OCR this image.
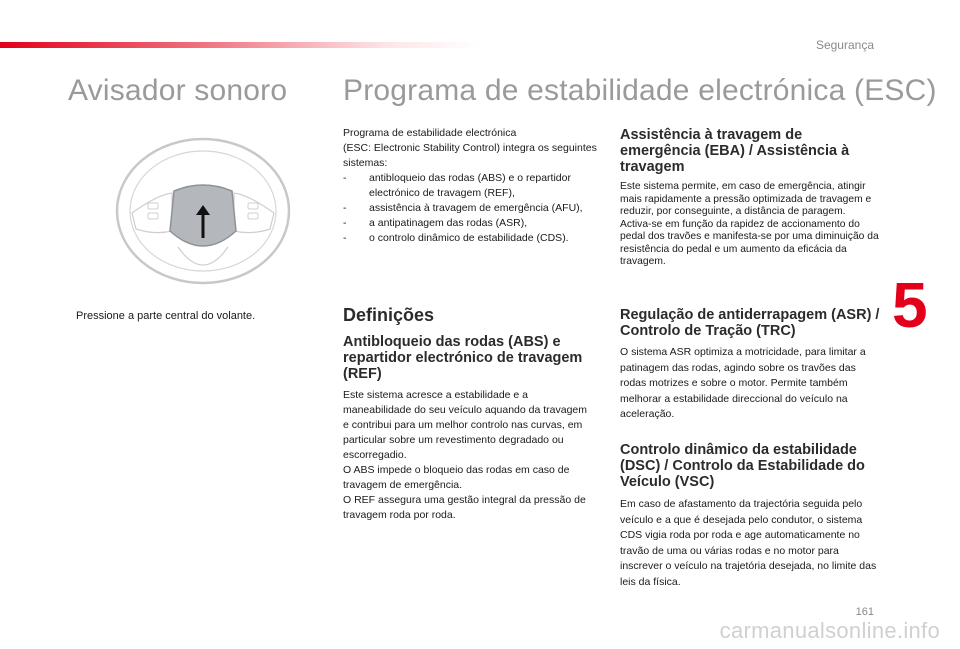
Segurança
Avisador sonoro Programa de estabilidade electrónica (ESC)
Pressione a parte central do volante.

Programa de estabilidade electrónica

(ESC: Electronic Stability Control) integra os seguintes sistemas:

- antibloqueio das rodas (ABS) e o repartidor electrónico de travagem (REF),
- assistência à travagem de emergência (AFU),
- a antipatinagem das rodas (ASR),
- o controlo dinâmico de estabilidade (CDS).
Definições
Antibloqueio das rodas (ABS) e repartidor electrónico de travagem (REF)

Este sistema acresce a estabilidade e a maneabilidade do seu veículo aquando da travagem e contribui para um melhor controlo nas curvas, em particular sobre um revestimento degradado ou escorregadio.

O ABS impede o bloqueio das rodas em caso de travagem de emergência.

O REF assegura uma gestão integral da pressão de travagem roda por roda.

Assistência à travagem de emergência (EBA) / Assistência à travagem

Este sistema permite, em caso de emergência, atingir mais rapidamente a pressão optimizada de travagem e reduzir, por conseguinte, a distância de paragem.

Activa-se em função da rapidez de accionamento do pedal dos travões e manifesta-se por uma diminuição da resistência do pedal e um aumento da eficácia da travagem.

Regulação de antiderrapagem (ASR) / Controlo de Tração (TRC)

O sistema ASR optimiza a motricidade, para limitar a patinagem das rodas, agindo sobre os travões das rodas motrizes e sobre o motor. Permite também melhorar a estabilidade direccional do veículo na aceleração.

Controlo dinâmico da estabilidade (DSC) / Controlo da Estabilidade do Veículo (VSC)

Em caso de afastamento da trajectória seguida pelo veículo e a que é desejada pelo condutor, o sistema CDS vigia roda por roda e age automaticamente no travão de uma ou várias rodas e no motor para inscrever o veículo na trajetória desejada, no limite das leis da física.

5
161
carmanualsonline.info
